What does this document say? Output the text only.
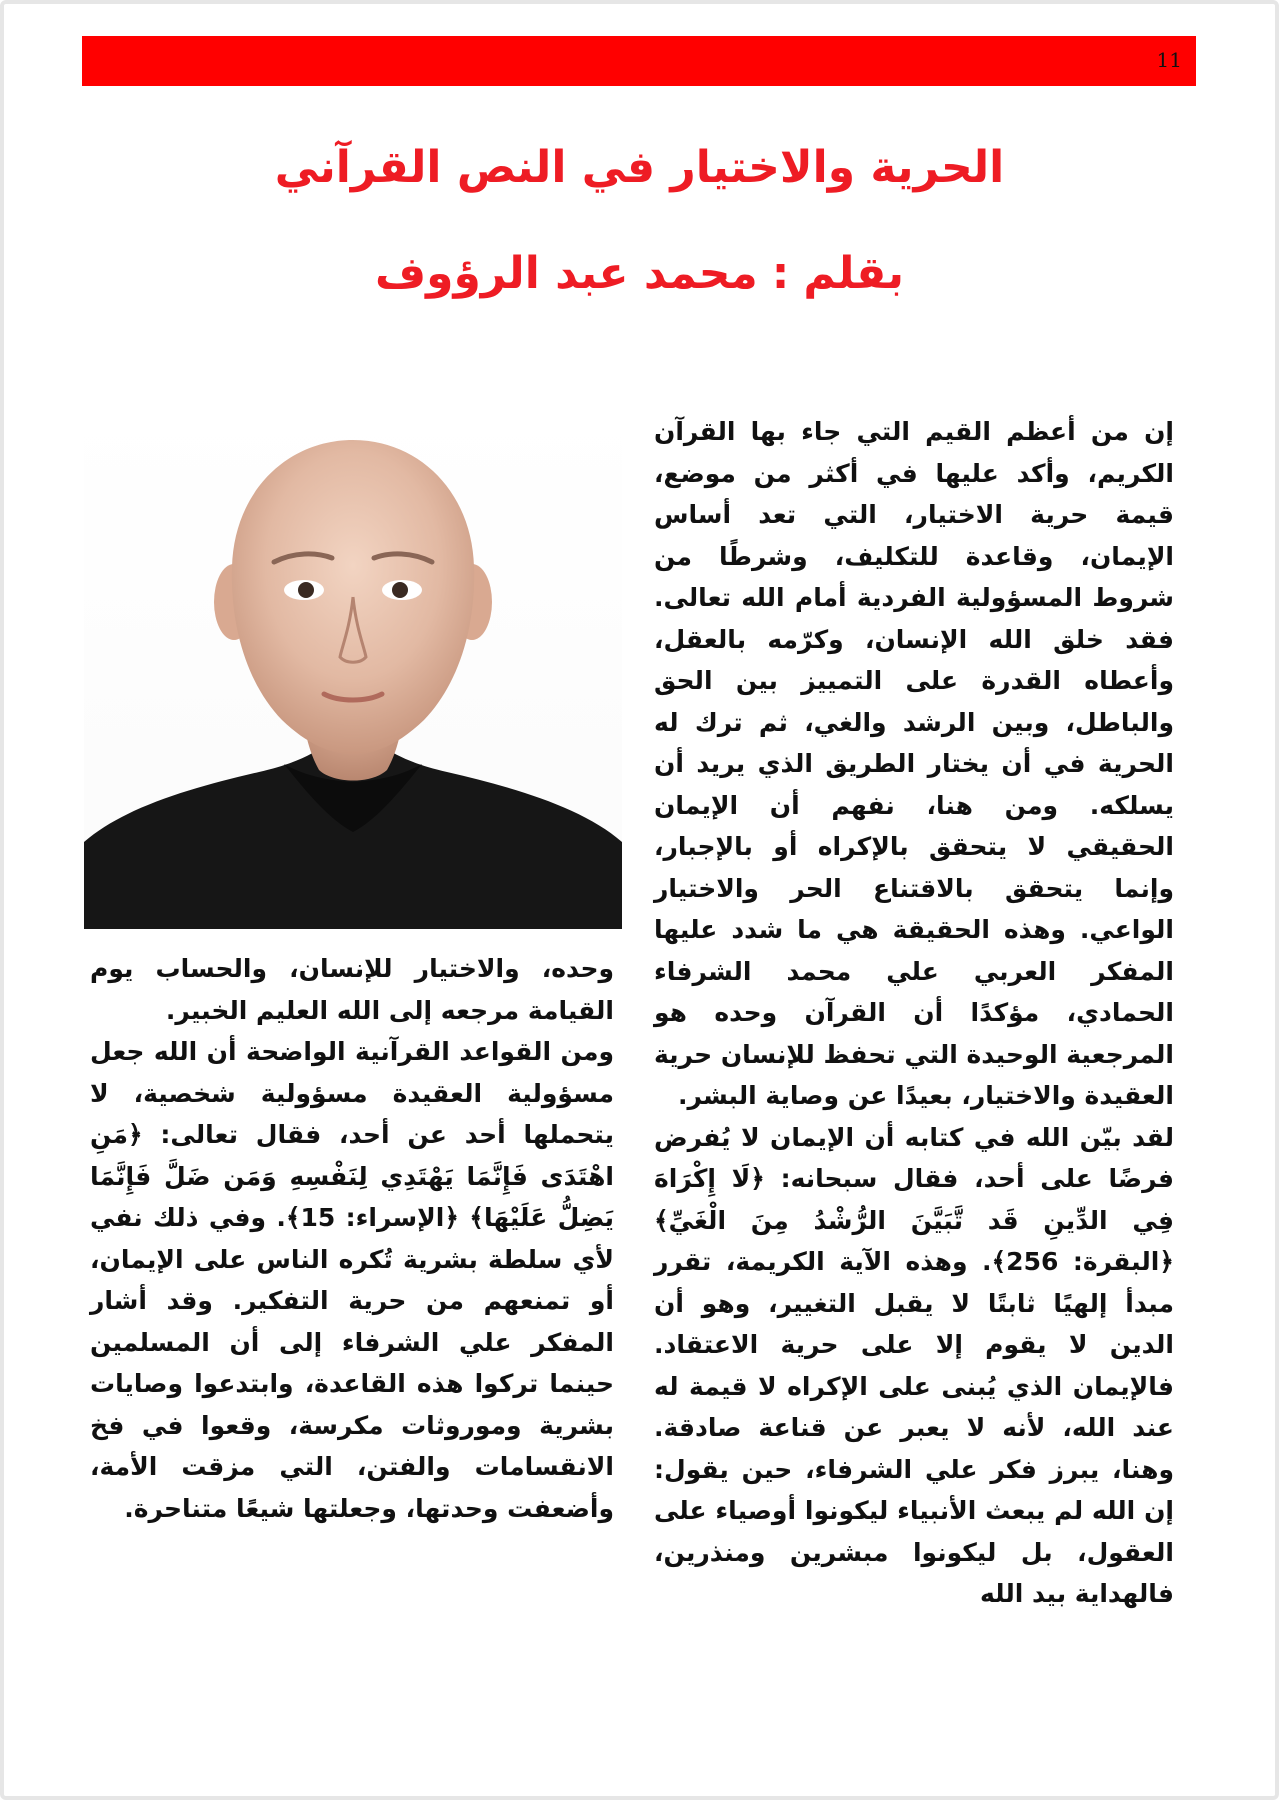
11
الحرية والاختيار في النص القرآني
بقلم:محمد عبد الرؤوف

إن من أعظم القيم التي جاء بها القرآن الكريم، وأكد عليها في أكثر من موضع، قيمة حرية الاختيار، التي تعد أساس الإيمان، وقاعدة للتكليف، وشرطًا من شروط المسؤولية الفردية أمام الله تعالى. فقد خلق الله الإنسان، وكرّمه بالعقل، وأعطاه القدرة على التمييز بين الحق والباطل، وبين الرشد والغي، ثم ترك له الحرية في أن يختار الطريق الذي يريد أن يسلكه. ومن هنا، نفهم أن الإيمان الحقيقي لا يتحقق بالإكراه أو بالإجبار، وإنما يتحقق بالاقتناع الحر والاختيار الواعي. وهذه الحقيقة هي ما شدد عليها المفكر العربي علي محمد الشرفاء الحمادي، مؤكدًا أن القرآن وحده هو المرجعية الوحيدة التي تحفظ للإنسان حرية العقيدة والاختيار، بعيدًا عن وصاية البشر.

لقد بيّن الله في كتابه أن الإيمان لا يُفرض فرضًا على أحد، فقال سبحانه: ﴿لَا إِكْرَاهَ فِي الدِّينِ قَد تَّبَيَّنَ الرُّشْدُ مِنَ الْغَيِّ﴾ ﴿البقرة: 256﴾. وهذه الآية الكريمة، تقرر مبدأ إلهيًا ثابتًا لا يقبل التغيير، وهو أن الدين لا يقوم إلا على حرية الاعتقاد. فالإيمان الذي يُبنى على الإكراه لا قيمة له عند الله، لأنه لا يعبر عن قناعة صادقة. وهنا، يبرز فكر علي الشرفاء، حين يقول: إن الله لم يبعث الأنبياء ليكونوا أوصياء على العقول، بل ليكونوا مبشرين ومنذرين، فالهداية بيد الله

وحده، والاختيار للإنسان، والحساب يوم القيامة مرجعه إلى الله العليم الخبير.

ومن القواعد القرآنية الواضحة أن الله جعل مسؤولية العقيدة مسؤولية شخصية، لا يتحملها أحد عن أحد، فقال تعالى: ﴿مَنِ اهْتَدَى فَإِنَّمَا يَهْتَدِي لِنَفْسِهِ وَمَن ضَلَّ فَإِنَّمَا يَضِلُّ عَلَيْهَا﴾ ﴿الإسراء: 15﴾. وفي ذلك نفي لأي سلطة بشرية تُكره الناس على الإيمان، أو تمنعهم من حرية التفكير. وقد أشار المفكر علي الشرفاء إلى أن المسلمين حينما تركوا هذه القاعدة، وابتدعوا وصايات بشرية وموروثات مكرسة، وقعوا في فخ الانقسامات والفتن، التي مزقت الأمة، وأضعفت وحدتها، وجعلتها شيعًا متناحرة.
